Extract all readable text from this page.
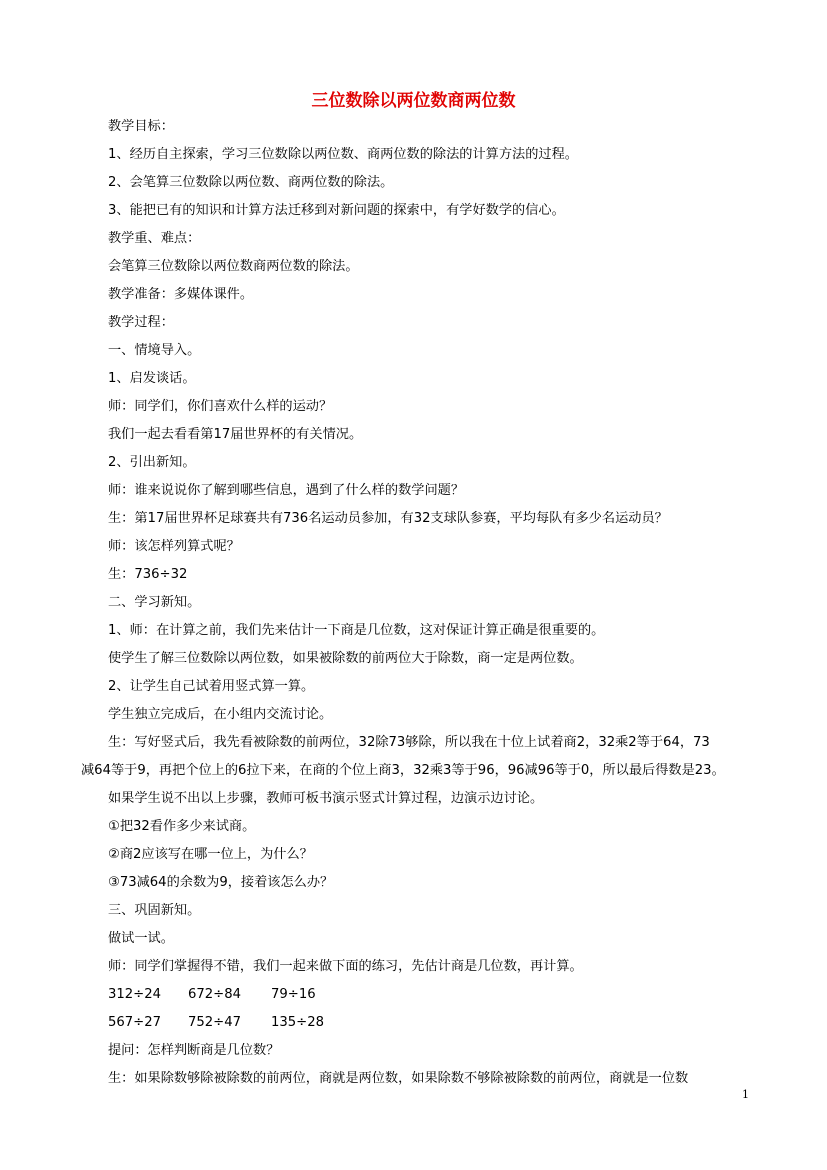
三位数除以两位数商两位数
教学目标：
1、经历自主探索，学习三位数除以两位数、商两位数的除法的计算方法的过程。
2、会笔算三位数除以两位数、商两位数的除法。
3、能把已有的知识和计算方法迁移到对新问题的探索中，有学好数学的信心。
教学重、难点：
会笔算三位数除以两位数商两位数的除法。
教学准备：多媒体课件。
教学过程：
一、情境导入。
1、启发谈话。
师：同学们，你们喜欢什么样的运动？
我们一起去看看第17届世界杯的有关情况。
2、引出新知。
师：谁来说说你了解到哪些信息，遇到了什么样的数学问题？
生：第17届世界杯足球赛共有736名运动员参加，有32支球队参赛，平均每队有多少名运动员？
师：该怎样列算式呢？
生：736÷32
二、学习新知。
1、师：在计算之前，我们先来估计一下商是几位数，这对保证计算正确是很重要的。
使学生了解三位数除以两位数，如果被除数的前两位大于除数，商一定是两位数。
2、让学生自己试着用竖式算一算。
学生独立完成后，在小组内交流讨论。
生：写好竖式后，我先看被除数的前两位，32除73够除，所以我在十位上试着商2，32乘2等于64，73
减64等于9，再把个位上的6拉下来，在商的个位上商3，32乘3等于96，96减96等于0，所以最后得数是23。
如果学生说不出以上步骤，教师可板书演示竖式计算过程，边演示边讨论。
①把32看作多少来试商。
②商2应该写在哪一位上，为什么？
③73减64的余数为9，接着该怎么办？
三、巩固新知。
做试一试。
师：同学们掌握得不错，我们一起来做下面的练习，先估计商是几位数，再计算。
312÷24	672÷84	79÷16
567÷27	752÷47	135÷28
提问：怎样判断商是几位数？
生：如果除数够除被除数的前两位，商就是两位数，如果除数不够除被除数的前两位，商就是一位数
1
